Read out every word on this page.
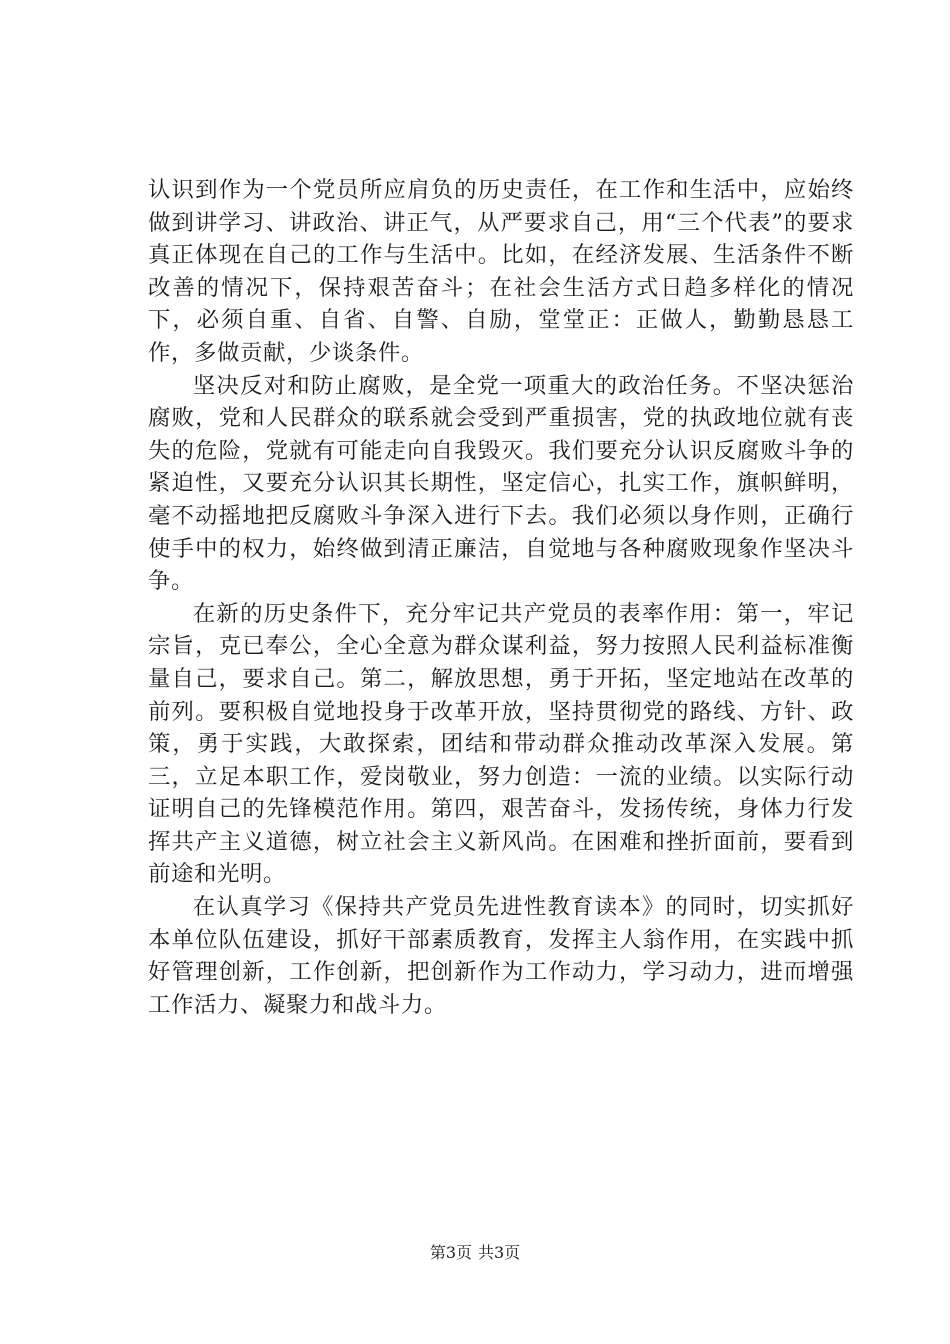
认识到作为一个党员所应肩负的历史责任，在工作和生活中，应始终做到讲学习、讲政治、讲正气，从严要求自己，用“三个代表”的要求真正体现在自己的工作与生活中。比如，在经济发展、生活条件不断改善的情况下，保持艰苦奋斗；在社会生活方式日趋多样化的情况下，必须自重、自省、自警、自励，堂堂正：正做人，勤勤恳恳工作，多做贡献，少谈条件。

坚决反对和防止腐败，是全党一项重大的政治任务。不坚决惩治腐败，党和人民群众的联系就会受到严重损害，党的执政地位就有丧失的危险，党就有可能走向自我毁灭。我们要充分认识反腐败斗争的紧迫性，又要充分认识其长期性，坚定信心，扎实工作，旗帜鲜明，毫不动摇地把反腐败斗争深入进行下去。我们必须以身作则，正确行使手中的权力，始终做到清正廉洁，自觉地与各种腐败现象作坚决斗争。

在新的历史条件下，充分牢记共产党员的表率作用：第一，牢记宗旨，克已奉公，全心全意为群众谋利益，努力按照人民利益标准衡量自己，要求自己。第二，解放思想，勇于开拓，坚定地站在改革的前列。要积极自觉地投身于改革开放，坚持贯彻党的路线、方针、政策，勇于实践，大敢探索，团结和带动群众推动改革深入发展。第三，立足本职工作，爱岗敬业，努力创造：一流的业绩。以实际行动证明自己的先锋模范作用。第四，艰苦奋斗，发扬传统，身体力行发挥共产主义道德，树立社会主义新风尚。在困难和挫折面前，要看到前途和光明。

在认真学习《保持共产党员先进性教育读本》的同时，切实抓好本单位队伍建设，抓好干部素质教育，发挥主人翁作用，在实践中抓好管理创新，工作创新，把创新作为工作动力，学习动力，进而增强工作活力、凝聚力和战斗力。

第3页 共3页
